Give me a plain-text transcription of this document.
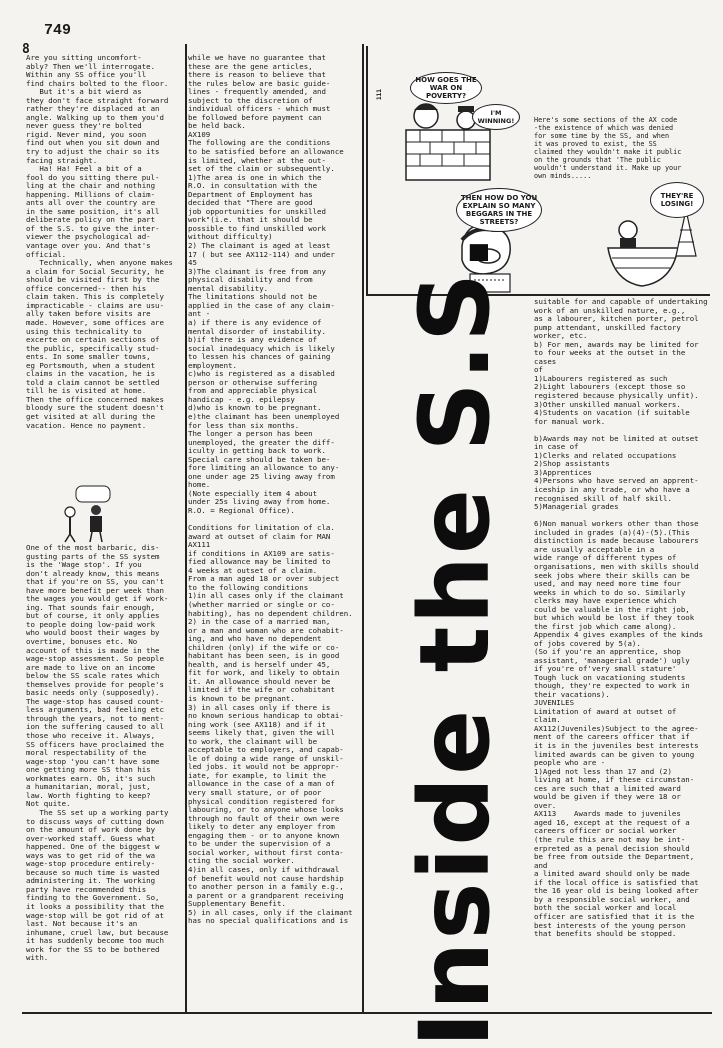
749
8
Are you sitting uncomfort-
ably? Then we'll interrogate.
Within any SS office you'll
find chairs bolted to the floor.
But it's a bit wierd as
they don't face straight forward
rather they're displaced at an
angle. Walking up to them you'd
never guess they're bolted
rigid. Never mind, you soon
find out when you sit down and
try to adjust the chair so its
facing straight.
Ha! Ha! Feel a bit of a
fool do you sitting there pul-
ling at the chair and nothing
happening. Millions of claim-
ants all over the country are
in the same position, it's all
deliberate policy on the part
of the S.S. to give the inter-
viewer the psychological ad-
vantage over you. And that's
official.
Technically, when anyone makes
a claim for Social Security, he
should be visited first by the
office concerned-- then his
claim taken. This is completely
impracticable - claims are usu-
ally taken before visits are
made. However, some offices are
using this technicality to
excerte on certain sections of
the public, specifically stud-
ents. In some smaller towns,
eg Portsmouth, when a student
claims in the vacation, he is
told a claim cannot be settled
till he is visited at home.
Then the office concerned makes
bloody sure the student doesn't
get visited at all during the
vacation. Hence no payment.
One of the most barbaric, dis-
gusting parts of the SS system
is the 'Wage stop'. If you
don't already know, this means
that if you're on SS, you can't
have more benefit per week than
the wages you would get if work-
ing. That sounds fair enough,
but of course, it only applies
to people doing low-paid work
who would boost their wages by
overtime, bonuses etc. No
account of this is made in the
wage-stop assessment. So people
are made to live on an income
below the SS scale rates which
themselves provide for people's
basic needs only (supposedly).
The wage-stop has caused count-
less arguments, bad feeling etc
through the years, not to ment-
ion the suffering caused to all
those who receive it. Always,
SS officers have proclaimed the
moral respectability of the
wage-stop 'you can't have some
one getting more SS than his
workmates earn. Oh, it's such
a humanitarian, moral, just,
law. Worth fighting to keep?
Not quite.
The SS set up a working party
to discuss ways of cutting down
on the amount of work done by
over-worked staff. Guess what
happened. One of the biggest w
ways was to get rid of the wa
wage-stop procedure entirely-
because so much time is wasted
administering it. The working
party have recommended this
finding to the Government. So,
it looks a possibility that the
wage-stop will be got rid of at
last. Not because it's an
inhumane, cruel law, but because
it has suddenly become too much
work for the SS to be bothered
with.
while we have no guarantee that
these are the gene articles,
there is reason to believe that
the rules below are basic guide-
lines - frequently amended, and
subject to the discretion of
individual officers - which must
be followed before payment can
be held back.
AX109
The following are the conditions
to be satisfied before an allowance
is limited, whether at the out-
set of the claim or subsequently.
1)The area is one in which the
R.O. in consultation with the
Department of Employment has
decided that "There are good
job opportunities for unskilled
work"(i.e. that it should be
possible to find unskilled work
without difficulty)
2) The claimant is aged at least
17 ( but see AX112-114) and under
45
3)The claimant is free from any
physical disability and from
mental disability.
The limitations should not be
applied in the case of any claim-
ant -
a) if there is any evidence of
mental disorder of instability.
b)if there is any evidence of
social inadequacy which is likely
to lessen his chances of gaining
employment.
c)who is registered as a disabled
person or otherwise suffering
from and appreciable physical
handicap - e.g. epilepsy
d)who is known to be pregnant.
e)the claimant has been unemployed
for less than six months.
The longer a person has been
unemployed, the greater the diff-
iculty in getting back to work.
Special care should be taken be-
fore limiting an allowance to any-
one under age 25 living away from
home.
(Note especially item 4 about
under 25s living away from home.
R.O. = Regional Office).

Conditions for limitation of cla.
award at outset of claim for MAN
AX111
if conditions in AX109 are satis-
fied allowance may be limited to
4 weeks at outset of a claim.
From a man aged 18 or over subject
to the following conditions
1)in all cases only if the claimant
(whether married or single or co-
habiting), has no dependent children.
2) in the case of a married man,
or a man and woman who are cohabit-
ing, and who have no dependent
children (only) if the wife or co-
habitant has been seen, is in good
health, and is herself under 45,
fit for work, and likely to obtain
it. An allowance should never be
limited if the wife or cohabitant
is known to be pregnant.
3) in all cases only if there is
no known serious handicap to obtai-
ning work (see AX118) and if it
seems likely that, given the will
to work, the claimant will be
acceptable to employers, and capab-
le of doing a wide range of unskil-
led jobs. it would not be appropr-
iate, for example, to limit the
allowance in the case of a man of
very small stature, or of poor
physical condition registered for
labouring, or to anyone whose looks
through no fault of their own were
likely to deter any employer from
engaging them - or to anyone known
to be under the supervision of a
social worker, without first conta-
cting the social worker.
4)in all cases, only if withdrawal
of benefit would not cause hardship
to another person in a family e.g.,
a parent or a grandparent receiving
Supplementary Benefit.
5) in all cases, only if the claimant
has no special qualifications and is
111
HOW GOES THE WAR ON POVERTY?
I'M WINNING!
THEN HOW DO YOU EXPLAIN SO MANY BEGGARS IN THE STREETS?
THEY'RE LOSING!
Here's some sections of the AX code
-the existence of which was denied
for some time by the SS, and when
it was proved to exist, the SS
claimed they wouldn't make it public
on the grounds that 'The public
wouldn't understand it. Make up your
own minds.....
Inside the S.S.	suitable for and capable of undertaking
work of an unskilled nature, e.g.,
as a labourer, kitchen porter, petrol
pump attendant, unskilled factory
worker, etc.
b) For men, awards may be limited for
to four weeks at the outset in the cases
of
1)Labourers registered as such
2)Light labourers (except those so
registered because physically unfit).
3)Other unskilled manual workers.
4)Students on vacation (if suitable
for manual work.

b)Awards may not be limited at outset
in case of
1)Clerks and related occupations
2)Shop assistants
3)Apprentices
4)Persons who have served an apprent-
iceship in any trade, or who have a
recognised skill of half skill.
5)Managerial grades

6)Non manual workers other than those
included in grades (a)(4)-(5).(This
distinction is made because labourers
are usually acceptable in a
wide range of different types of
organisations, men with skills should
seek jobs where their skills can be
used, and may need more time four
weeks in which to do so. Similarly
clerks may have experience which
could be valuable in the right job,
but which would be lost if they took
the first job which came along).
Appendix 4 gives examples of the kinds
of jobs covered by 5(a).
(So if you're an apprentice, shop
assistant, 'managerial grade') ugly
if you're of'very small stature'
Tough luck on vacationing students
though, they're expected to work in
their vacations).
JUVENILES
Limitation of award at outset of
claim.
AX112(Juveniles)Subject to the agree-
ment of the careers officer that if
it is in the juveniles best interests
limited awards can be given to young
people who are -
1)Aged not less than 17 and (2)
living at home, if these circumstan-
ces are such that a limited award
would be given if they were 18 or
over.
AX113    Awards made to juveniles
aged 16, except at the request of a
careers officer or social worker
(the rule this are not may be int-
erpreted as a penal decision should
be free from outside the Department, and
a limited award should only be made
if the local office is satisfied that
the 16 year old is being looked after
by a responsible social worker, and
both the social worker and local
officer are satisfied that it is the
best interests of the young person
that benefits should be stopped.
